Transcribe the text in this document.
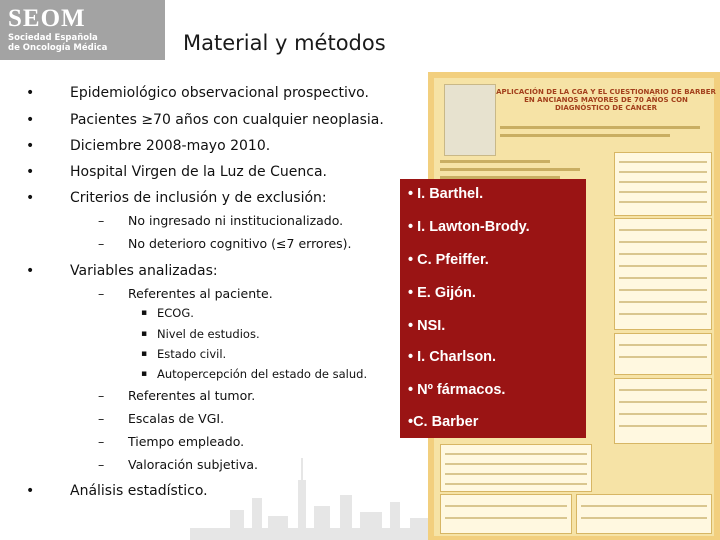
SEOM
Sociedad Española
de Oncología Médica	Material y métodos
•	Epidemiológico observacional prospectivo.
•	Pacientes ≥70 años con cualquier neoplasia.
•	Diciembre 2008-mayo 2010.
•	Hospital Virgen de la Luz de Cuenca.
•	Criterios de inclusión y de exclusión:
– No ingresado ni institucionalizado.
– No deterioro cognitivo (≤7 errores).
•	Variables analizadas:
– Referentes al paciente.
▪ ECOG.
▪ Nivel de estudios.
▪ Estado civil.
▪ Autopercepción del estado de salud.
– Referentes al tumor.
– Escalas de VGI.
– Tiempo empleado.
– Valoración subjetiva.
•	Análisis estadístico.
APLICACIÓN DE LA CGA Y EL CUESTIONARIO DE BARBER EN ANCIANOS MAYORES DE 70 AÑOS CON DIAGNÓSTICO DE CÁNCER
• I. Barthel.
• I. Lawton-Brody.
• C. Pfeiffer.
• E. Gijón.
• NSI.
• I. Charlson.
• Nº fármacos.
•C. Barber
